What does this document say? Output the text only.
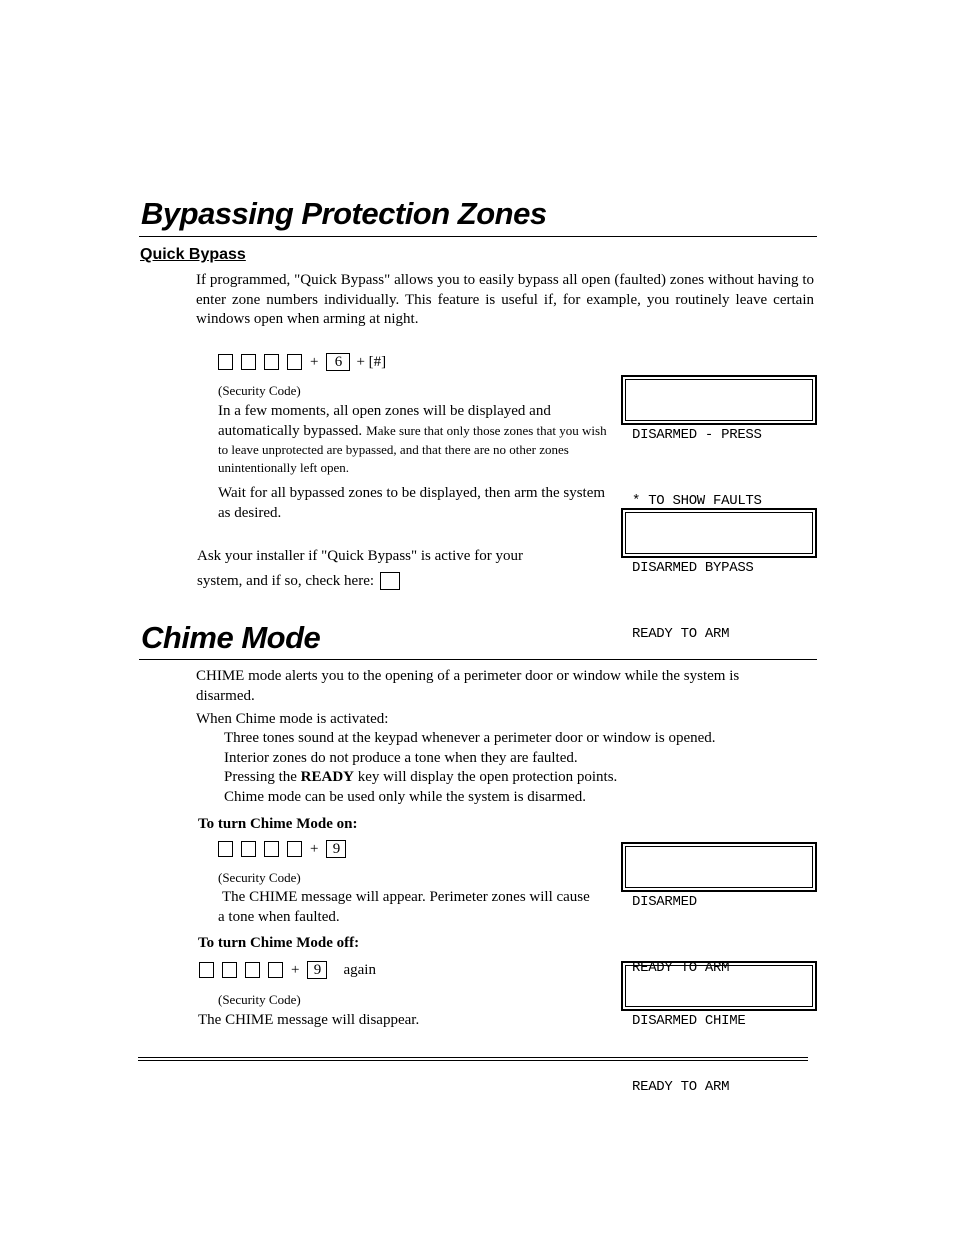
Bypassing Protection Zones
Quick Bypass
If programmed, "Quick Bypass" allows you to easily bypass all open (faulted) zones without having to enter zone numbers individually. This feature is useful if, for example, you routinely leave certain windows open when arming at night.
+	6 + [#]
(Security Code)
In a few moments, all open zones will be displayed and automatically bypassed. Make sure that only those zones that you wish to leave unprotected are bypassed, and that there are no other zones unintentionally left open.
Wait for all bypassed zones to be displayed, then arm the system as desired.
Ask your installer if "Quick Bypass" is active for your
system, and if so, check here:

DISARMED - PRESS

* TO SHOW FAULTS

DISARMED BYPASS

READY TO ARM

Chime Mode
CHIME mode alerts you to the opening of a perimeter door or window while the system is disarmed.
When Chime mode is activated:
Three tones sound at the keypad whenever a perimeter door or window is opened.
Interior zones do not produce a tone when they are faulted.
Pressing the READY key will display the open protection points.
Chime mode can be used only while the system is disarmed.
To turn Chime Mode on:
+ 9
(Security Code)
The CHIME message will appear. Perimeter zones will cause a tone when faulted.

DISARMED

READY TO ARM

To turn Chime Mode off:
+ 9	again
(Security Code)
The CHIME message will disappear.

	DISARMED CHIME

READY TO ARM
